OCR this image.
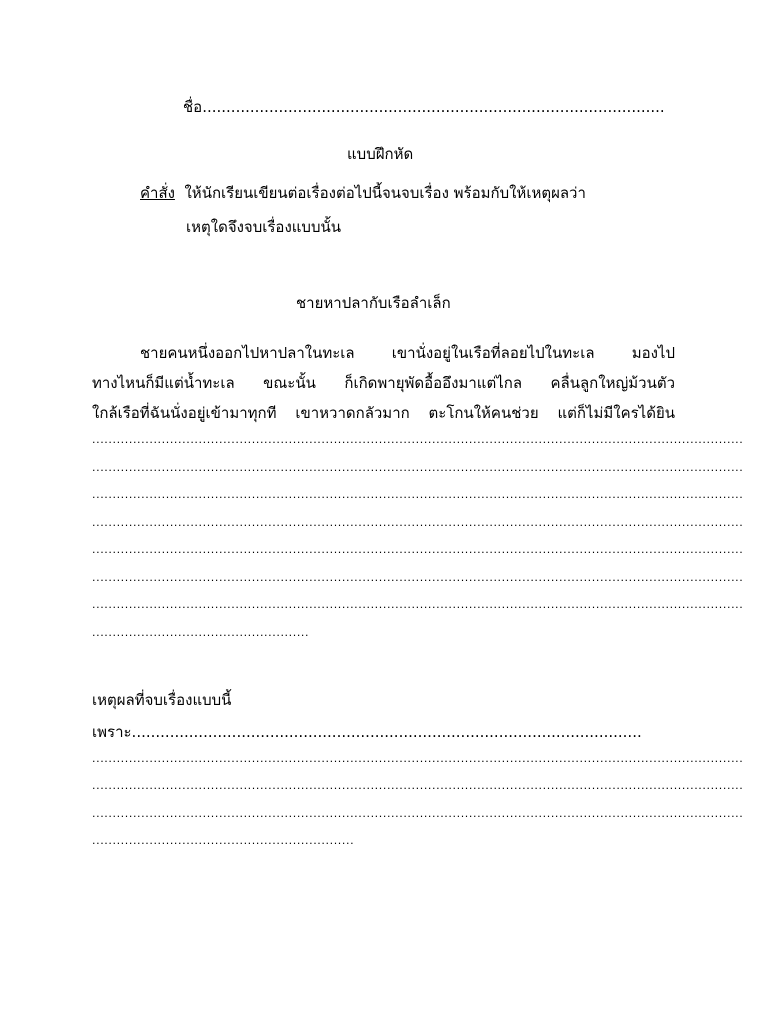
ชื่อ.................................................................................................
แบบฝึกหัด
คำสั่ง ให้นักเรียนเขียนต่อเรื่องต่อไปนี้จนจบเรื่อง พร้อมกับให้เหตุผลว่า
เหตุใดจึงจบเรื่องแบบนั้น
ชายหาปลากับเรือลำเล็ก
ชายคนหนึ่งออกไปหาปลาในทะเล เขานั่งอยู่ในเรือที่ลอยไปในทะเล มองไป
ทางไหนก็มีแต่น้ำทะเล ขณะนั้น ก็เกิดพายุพัดอื้ออึงมาแต่ไกล คลื่นลูกใหญ่ม้วนตัว
ใกล้เรือที่ฉันนั่งอยู่เข้ามาทุกที เขาหวาดกลัวมาก ตะโกนให้คนช่วย แต่ก็ไม่มีใครได้ยิน
...............................................................................................................................................................
...............................................................................................................................................................
...............................................................................................................................................................
...............................................................................................................................................................
...............................................................................................................................................................
...............................................................................................................................................................
...............................................................................................................................................................
.....................................................
เหตุผลที่จบเรื่องแบบนี้
เพราะ...........................................................................................................
...............................................................................................................................................................
...............................................................................................................................................................
...............................................................................................................................................................
................................................................
